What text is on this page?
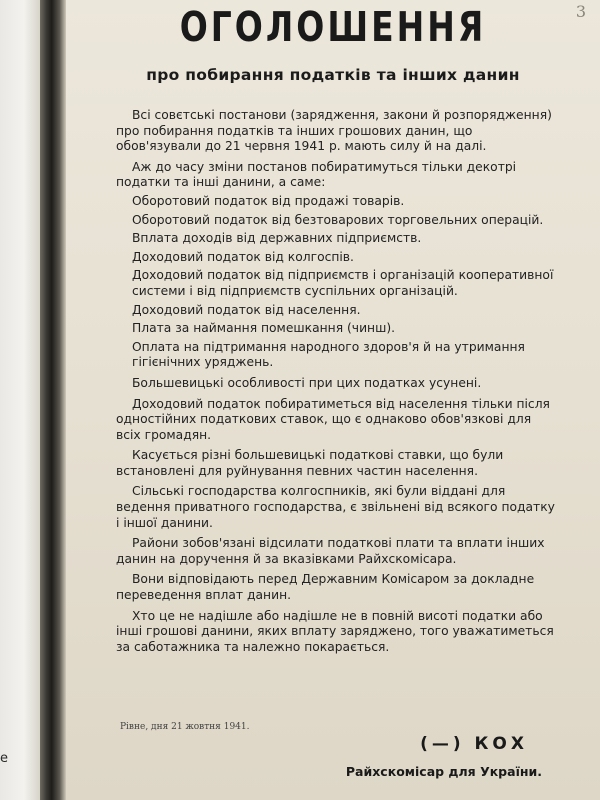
e
3
ОГОЛОШЕННЯ
про побирання податків та інших данин

Всі совєтські постанови (зарядження, закони й розпорядження) про побирання податків та інших грошових данин, що обов'язували до 21 червня 1941 р. мають силу й на далі.

Аж до часу зміни постанов побиратимуться тільки декотрі податки та інші данини, а саме:

Оборотовий податок від продажі товарів.

Оборотовий податок від безтоварових торговельних операцій.

Вплата доходів від державних підприємств.

Доходовий податок від колгоспів.

Доходовий податок від підприємств і організацій кооперативної системи і від підприємств суспільних організацій.

Доходовий податок від населення.

Плата за наймання помешкання (чинш).

Оплата на підтримання народного здоров'я й на утримання гігієнічних уряджень.

Большевицькі особливості при цих податках усунені.

Доходовий податок побиратиметься від населення тільки після одностійних податкових ставок, що є однаково обов'язкові для всіх громадян.

Касується різні большевицькі податкові ставки, що були встановлені для руйнування певних частин населення.

Сільські господарства колгоспників, які були віддані для ведення приватного господарства, є звільнені від всякого податку і іншої данини.

Райони зобов'язані відсилати податкові плати та вплати інших данин на доручення й за вказівками Райхскомісара.

Вони відповідають перед Державним Комісаром за докладне переведення вплат данин.

Хто це не надішле або надішле не в повній висоті податки або інші грошові данини, яких вплату заряджено, того уважатиметься за саботажника та належно покарається.

Рівне, дня 21 жовтня 1941.
(—) КОХ
Райхскомісар для України.
